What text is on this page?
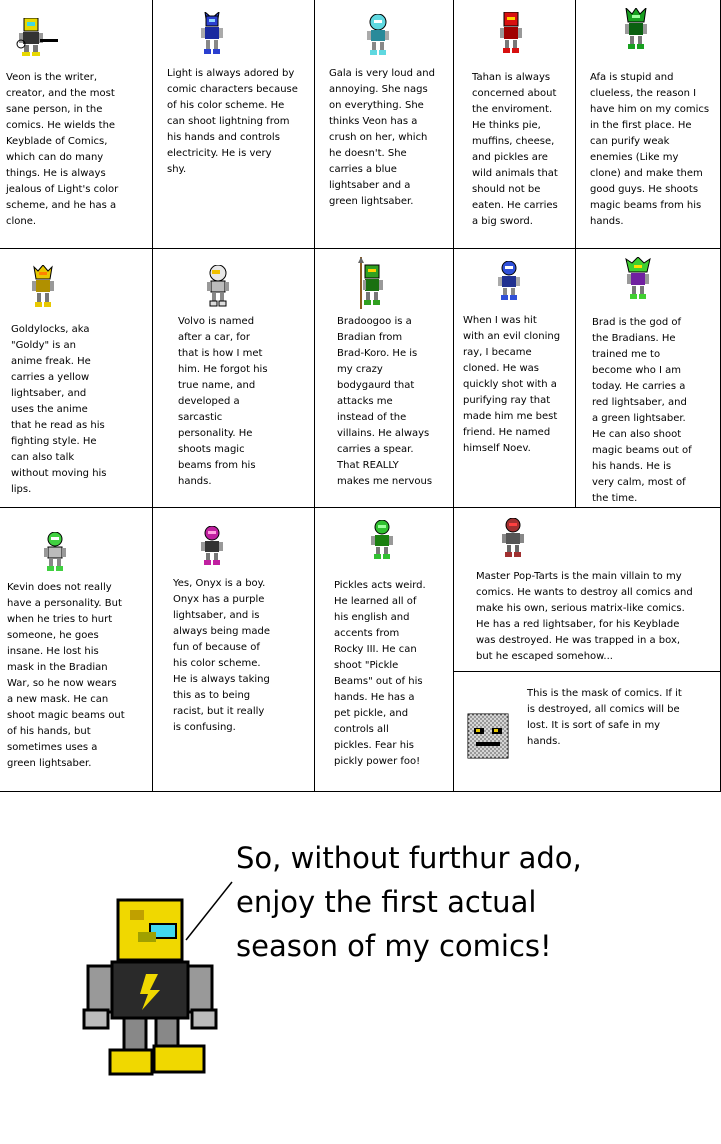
Veon is the writer,
creator, and the most
sane person, in the
comics. He wields the
Keyblade of Comics,
which can do many
things. He is always
jealous of Light's color
scheme, and he has a
clone.
Light is always adored by
comic characters because
of his color scheme. He
can shoot lightning from
his hands and controls
electricity. He is very
shy.
Gala is very loud and
annoying. She nags
on everything. She
thinks Veon has a
crush on her, which
he doesn't. She
carries a blue
lightsaber and a
green lightsaber.
Tahan is always
concerned about
the enviroment.
He thinks pie,
muffins, cheese,
and pickles are
wild animals that
should not be
eaten. He carries
a big sword.
Afa is stupid and
clueless, the reason I
have him on my comics
in the first place. He
can purify weak
enemies (Like my
clone) and make them
good guys. He shoots
magic beams from his
hands.
Goldylocks, aka
"Goldy" is an
anime freak. He
carries a yellow
lightsaber, and
uses the anime
that he read as his
fighting style. He
can also talk
without moving his
lips.
Volvo is named
after a car, for
that is how I met
him. He forgot his
true name, and
developed a
sarcastic
personality. He
shoots magic
beams from his
hands.
Bradoogoo is a
Bradian from
Brad-Koro. He is
my crazy
bodygaurd that
attacks me
instead of the
villains. He always
carries a spear.
That REALLY
makes me nervous
When I was hit
with an evil cloning
ray, I became
cloned. He was
quickly shot with a
purifying ray that
made him me best
friend. He named
himself Noev.
Brad is the god of
the Bradians. He
trained me to
become who I am
today. He carries a
red lightsaber, and
a green lightsaber.
He can also shoot
magic beams out of
his hands. He is
very calm, most of
the time.
Kevin does not really
have a personality. But
when he tries to hurt
someone, he goes
insane. He lost his
mask in the Bradian
War, so he now wears
a new mask. He can
shoot magic beams out
of his hands, but
sometimes uses a
green lightsaber.
Yes, Onyx is a boy.
Onyx has a purple
lightsaber, and is
always being made
fun of because of
his color scheme.
He is always taking
this as to being
racist, but it really
is confusing.
Pickles acts weird.
He learned all of
his english and
accents from
Rocky III. He can
shoot "Pickle
Beams" out of his
hands. He has a
pet pickle, and
controls all
pickles. Fear his
pickly power foo!
Master Pop-Tarts is the main villain to my
comics. He wants to destroy all comics and
make his own, serious matrix-like comics.
He has a red lightsaber, for his Keyblade
was destroyed. He was trapped in a box,
but he escaped somehow...
This is the mask of comics. If it
is destroyed, all comics will be
lost. It is sort of safe in my
hands.
So, without furthur ado,
enjoy the first actual
season of my comics!
